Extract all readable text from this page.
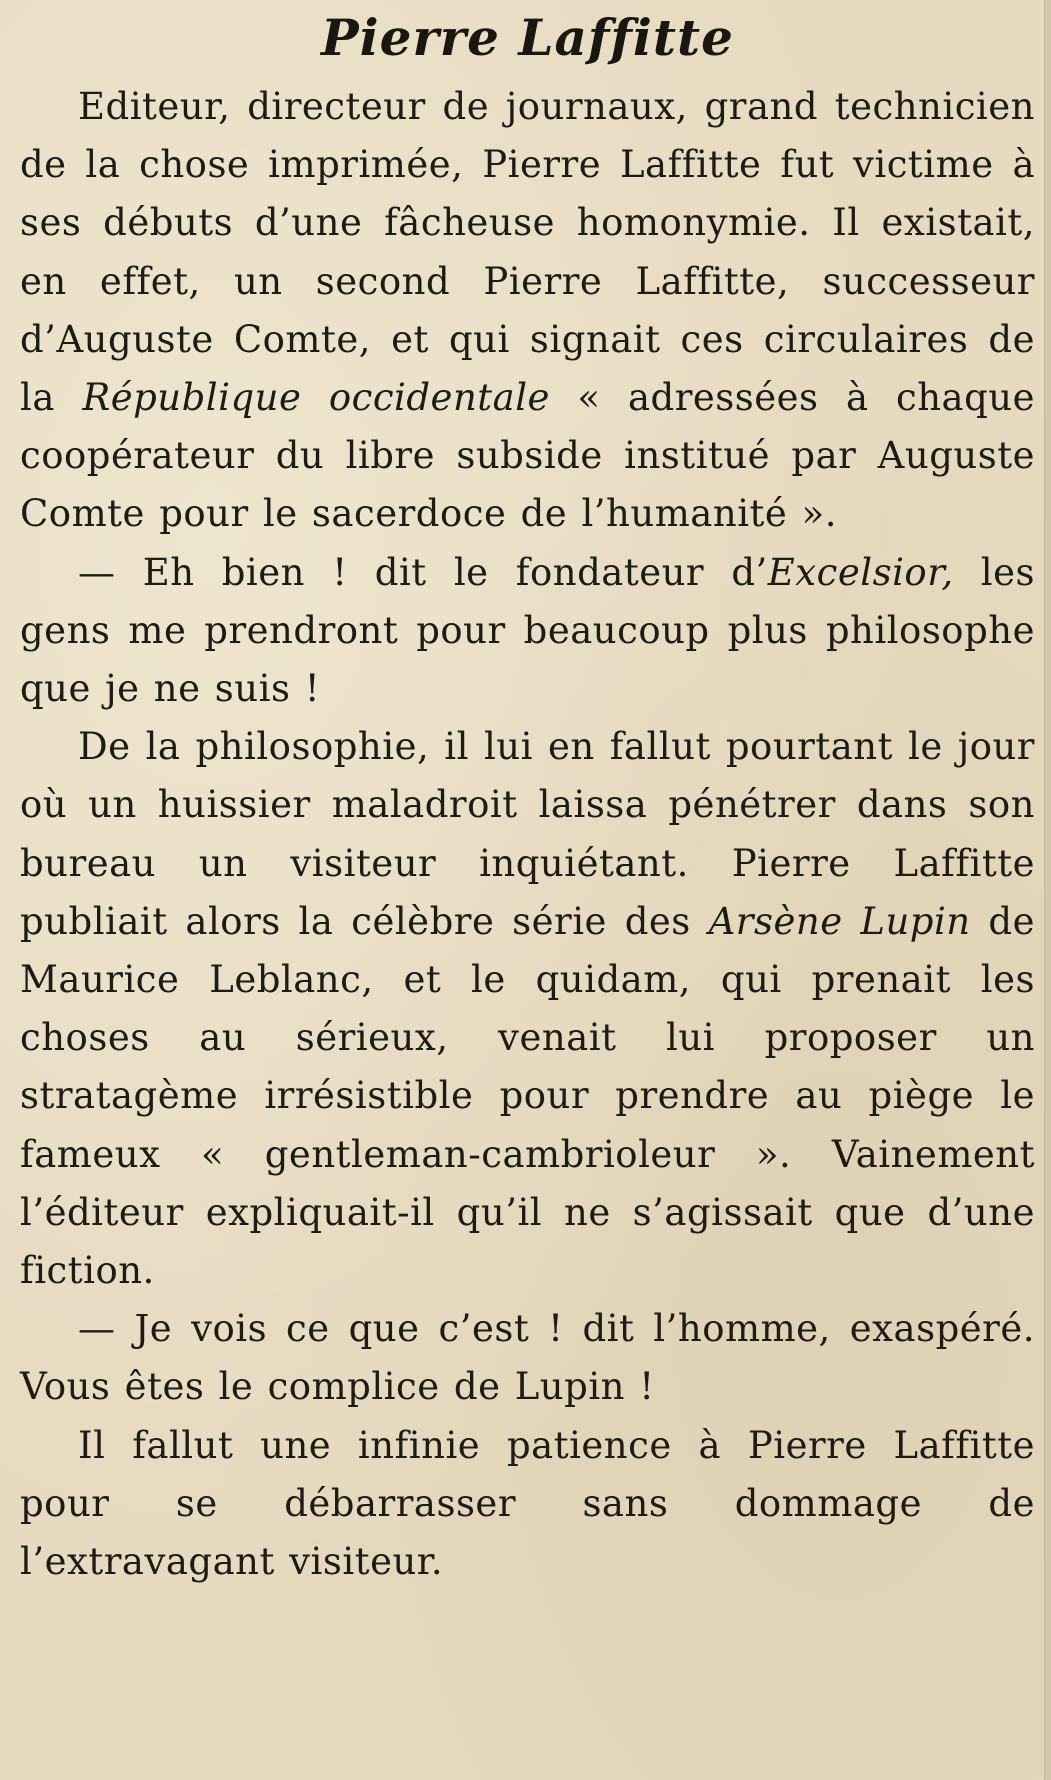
Pierre Laffitte

Editeur, directeur de journaux, grand technicien de la chose imprimée, Pierre Laffitte fut victime à ses débuts d’une fâcheuse homonymie. Il existait, en effet, un second Pierre Laffitte, successeur d’Auguste Comte, et qui signait ces circulaires de la République occidentale « adressées à chaque coopérateur du libre subside institué par Auguste Comte pour le sacerdoce de l’humanité ».

— Eh bien ! dit le fondateur d’Excelsior, les gens me prendront pour beaucoup plus philosophe que je ne suis !

De la philosophie, il lui en fallut pourtant le jour où un huissier maladroit laissa pénétrer dans son bureau un visiteur inquiétant. Pierre Laffitte publiait alors la célèbre série des Arsène Lupin de Maurice Leblanc, et le quidam, qui prenait les choses au sérieux, venait lui proposer un stratagème irrésistible pour prendre au piège le fameux « gentleman-cambrioleur ». Vainement l’éditeur expliquait-il qu’il ne s’agissait que d’une fiction.

— Je vois ce que c’est ! dit l’homme, exaspéré. Vous êtes le complice de Lupin !

Il fallut une infinie patience à Pierre Laffitte pour se débarrasser sans dommage de l’extravagant visiteur.
